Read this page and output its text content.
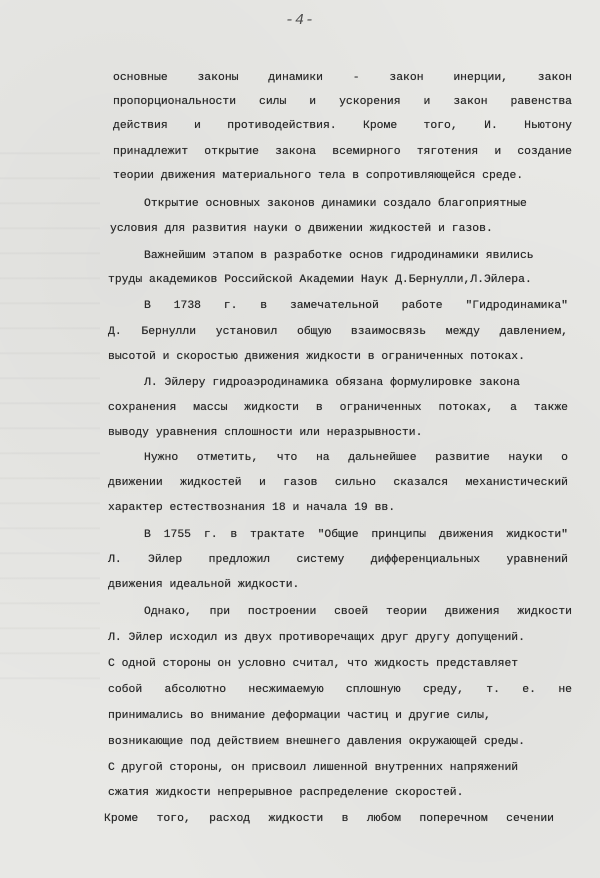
-4-
основные законы динамики - закон инерции, закон
пропорциональности силы и ускорения и закон равенства
действия и противодействия. Кроме того, И. Ньютону
принадлежит открытие закона всемирного тяготения и создание
теории движения материального тела в сопротивляющейся среде.
Открытие основных законов динамики создало благоприятные
условия для развития науки о движении жидкостей и газов.
Важнейшим этапом в разработке основ гидродинамики явились
труды академиков Российской Академии Наук Д.Бернулли,Л.Эйлера.
В 1738 г. в замечательной работе "Гидродинамика"
Д. Бернулли установил общую взаимосвязь между давлением,
высотой и скоростью движения жидкости в ограниченных потоках.
Л. Эйлеру гидроаэродинамика обязана формулировке закона
сохранения массы жидкости в ограниченных потоках, а также
выводу уравнения сплошности или неразрывности.
Нужно отметить, что на дальнейшее развитие науки о
движении жидкостей и газов сильно сказался механистический
характер естествознания 18 и начала 19 вв.
В 1755 г. в трактате "Общие принципы движения жидкости"
Л. Эйлер предложил систему дифференциальных уравнений
движения идеальной жидкости.
Однако, при построении своей теории движения жидкости
Л. Эйлер исходил из двух противоречащих друг другу допущений.
С одной стороны он условно считал, что жидкость представляет
собой абсолютно несжимаемую сплошную среду, т. е. не
принимались во внимание деформации частиц и другие силы,
возникающие под действием внешнего давления окружающей среды.
С другой стороны, он присвоил лишенной внутренних напряжений
сжатия жидкости непрерывное распределение скоростей.
Кроме того, расход жидкости в любом поперечном сечении
